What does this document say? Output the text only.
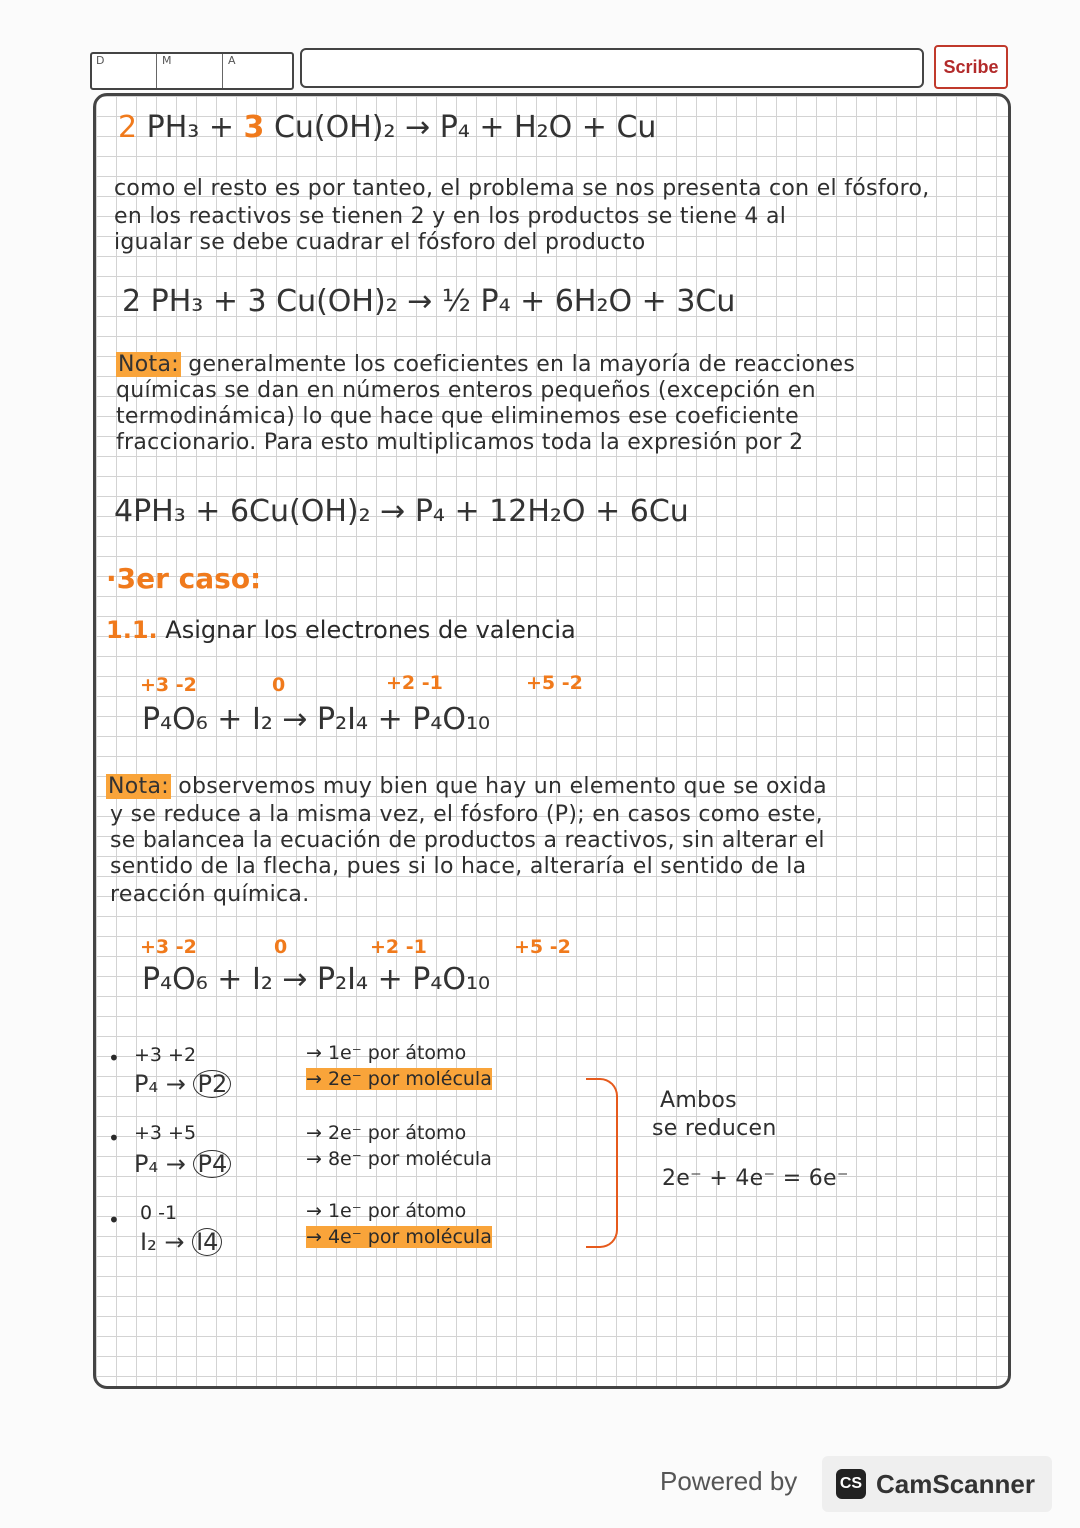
D	M	A	Scribe
2 PH₃ + 3 Cu(OH)₂ → P₄ + H₂O + Cu
como el resto es por tanteo, el problema se nos presenta con el fósforo,
en los reactivos se tienen 2 y en los productos se tiene 4 al
igualar se debe cuadrar el fósforo del producto
2 PH₃ + 3 Cu(OH)₂ → ½ P₄ + 6H₂O + 3Cu
Nota: generalmente los coeficientes en la mayoría de reacciones
químicas se dan en números enteros pequeños (excepción en
termodinámica) lo que hace que eliminemos ese coeficiente
fraccionario. Para esto multiplicamos toda la expresión por 2
4PH₃ + 6Cu(OH)₂ → P₄ + 12H₂O + 6Cu
·3er caso:
1.1. Asignar los electrones de valencia
+3 -2	0	+2 -1	+5 -2
P₄O₆ + I₂ → P₂I₄ + P₄O₁₀
Nota: observemos muy bien que hay un elemento que se oxida
y se reduce a la misma vez, el fósforo (P); en casos como este,
se balancea la ecuación de productos a reactivos, sin alterar el
sentido de la flecha, pues si lo hace, alteraría el sentido de la
reacción química.
+3 -2	0	+2 -1	+5 -2
P₄O₆ + I₂ → P₂I₄ + P₄O₁₀
• +3 +2
P₄ → P2
→ 1e⁻ por átomo
→ 2e⁻ por molécula
• +3 +5
P₄ → P4
→ 2e⁻ por átomo
→ 8e⁻ por molécula
• 0 -1
I₂ → I4
→ 1e⁻ por átomo
→ 4e⁻ por molécula
Ambos
se reducen
2e⁻ + 4e⁻ = 6e⁻
Powered by	CS CamScanner
